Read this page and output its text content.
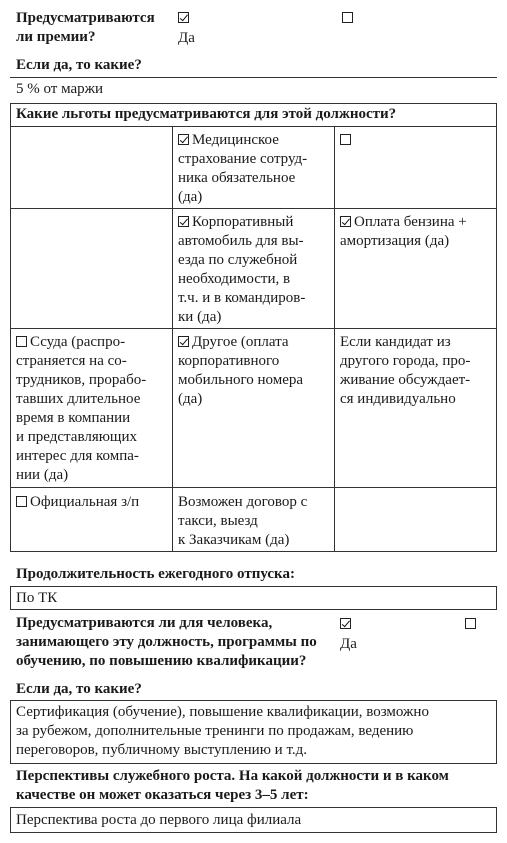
Предусматриваются
ли премии?	Да
Если да, то какие?
5 % от маржи
Какие льготы предусматриваются для этой должности?
Медицинское
страхование сотруд-
ника обязательное
(да)
Корпоративный
автомобиль для вы-
езда по служебной
необходимости, в
т.ч. и в командиров-
ки (да)
Оплата бензина +
амортизация (да)
Ссуда (распро-
страняется на со-
трудников, прорабо-
тавших длительное
время в компании
и представляющих
интерес для компа-
нии (да)
Другое (оплата
корпоративного
мобильного номера
(да)
Если кандидат из
другого города, про-
живание обсуждает-
ся индивидуально
Официальная з/п	Возможен договор с
такси, выезд
к Заказчикам (да)
Продолжительность ежегодного отпуска:
По ТК
Предусматриваются ли для человека,
занимающего эту должность, программы по
обучению, по повышению квалификации?
Да
Если да, то какие?
Сертификация (обучение), повышение квалификации, возможно
за рубежом, дополнительные тренинги по продажам, ведению
переговоров, публичному выступлению и т.д.
Перспективы служебного роста. На какой должности и в каком
качестве он может оказаться через 3–5 лет:
Перспектива роста до первого лица филиала
